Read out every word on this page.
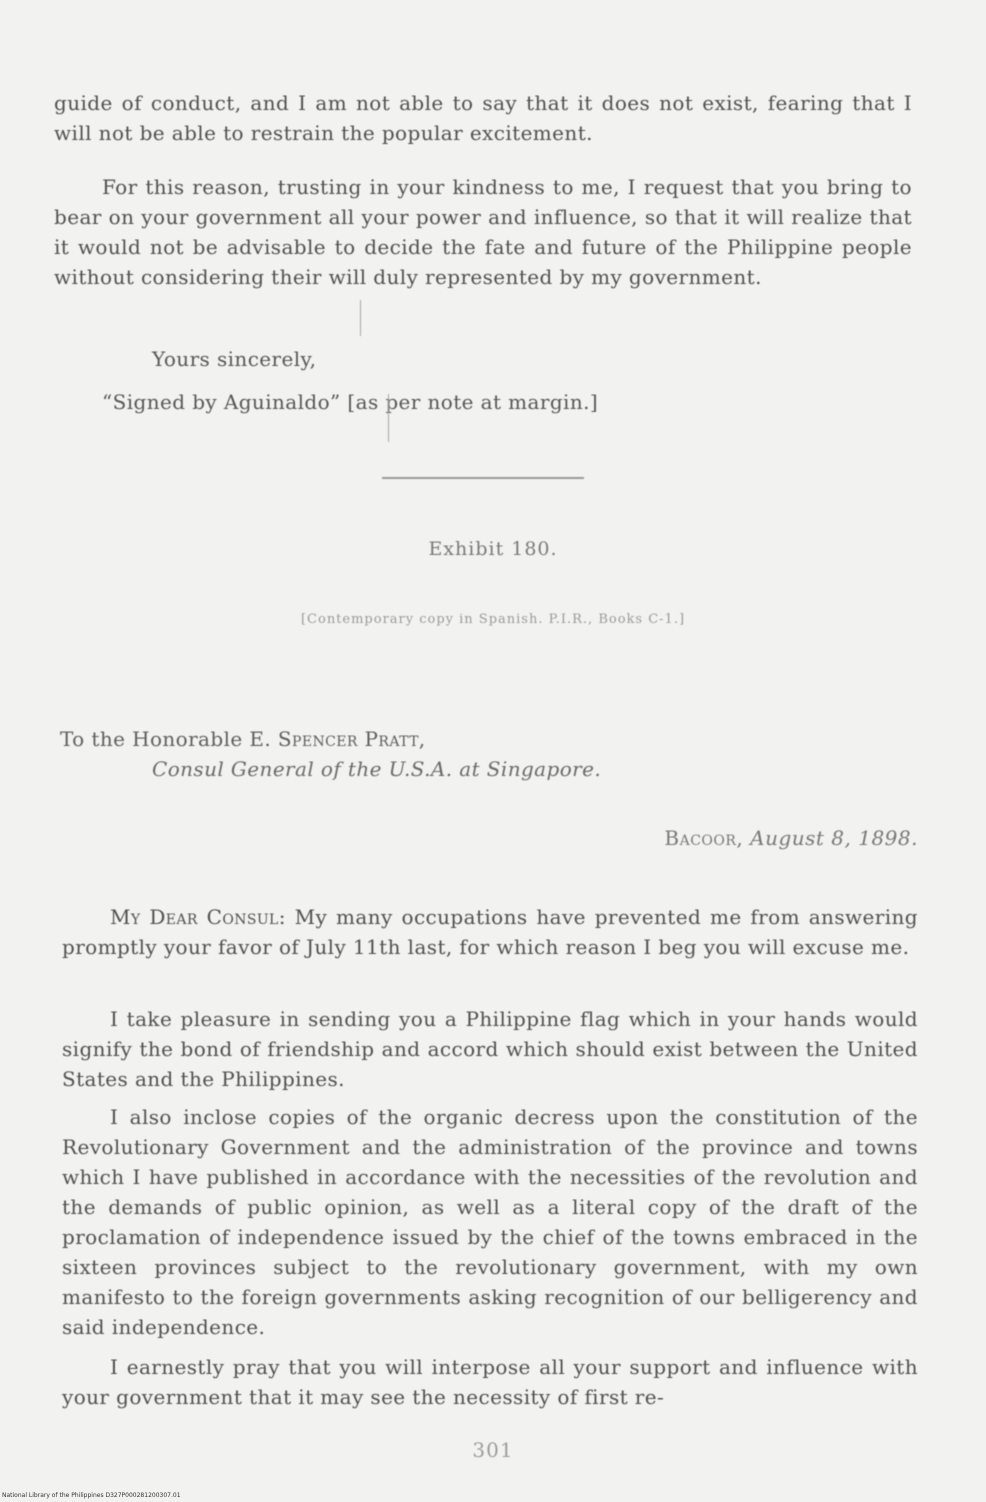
guide of conduct, and I am not able to say that it does not exist, fearing that I will not be able to restrain the popular excitement.

For this reason, trusting in your kindness to me, I request that you bring to bear on your government all your power and influence, so that it will realize that it would not be advisable to decide the fate and future of the Philippine people without considering their will duly represented by my government.

Yours sincerely,
“Signed by Aguinaldo” [as per note at margin.]
Exhibit 180.
[Contemporary copy in Spanish. P.I.R., Books C-1.]
To the Honorable E. Spencer Pratt,
Consul General of the U.S.A. at Singapore.
Bacoor, August 8, 1898.

My Dear Consul: My many occupations have prevented me from answering promptly your favor of July 11th last, for which reason I beg you will excuse me.

I take pleasure in sending you a Philippine flag which in your hands would signify the bond of friendship and accord which should exist between the United States and the Philippines.

I also inclose copies of the organic decress upon the constitution of the Revolutionary Government and the administration of the province and towns which I have published in accordance with the necessities of the revolution and the demands of public opinion, as well as a literal copy of the draft of the proclamation of independence issued by the chief of the towns embraced in the sixteen provinces subject to the revolutionary government, with my own manifesto to the foreign governments asking recognition of our belligerency and said independence.

I earnestly pray that you will interpose all your support and influence with your government that it may see the necessity of first re-

301
National Library of the Philippines D327P000281200307.01
